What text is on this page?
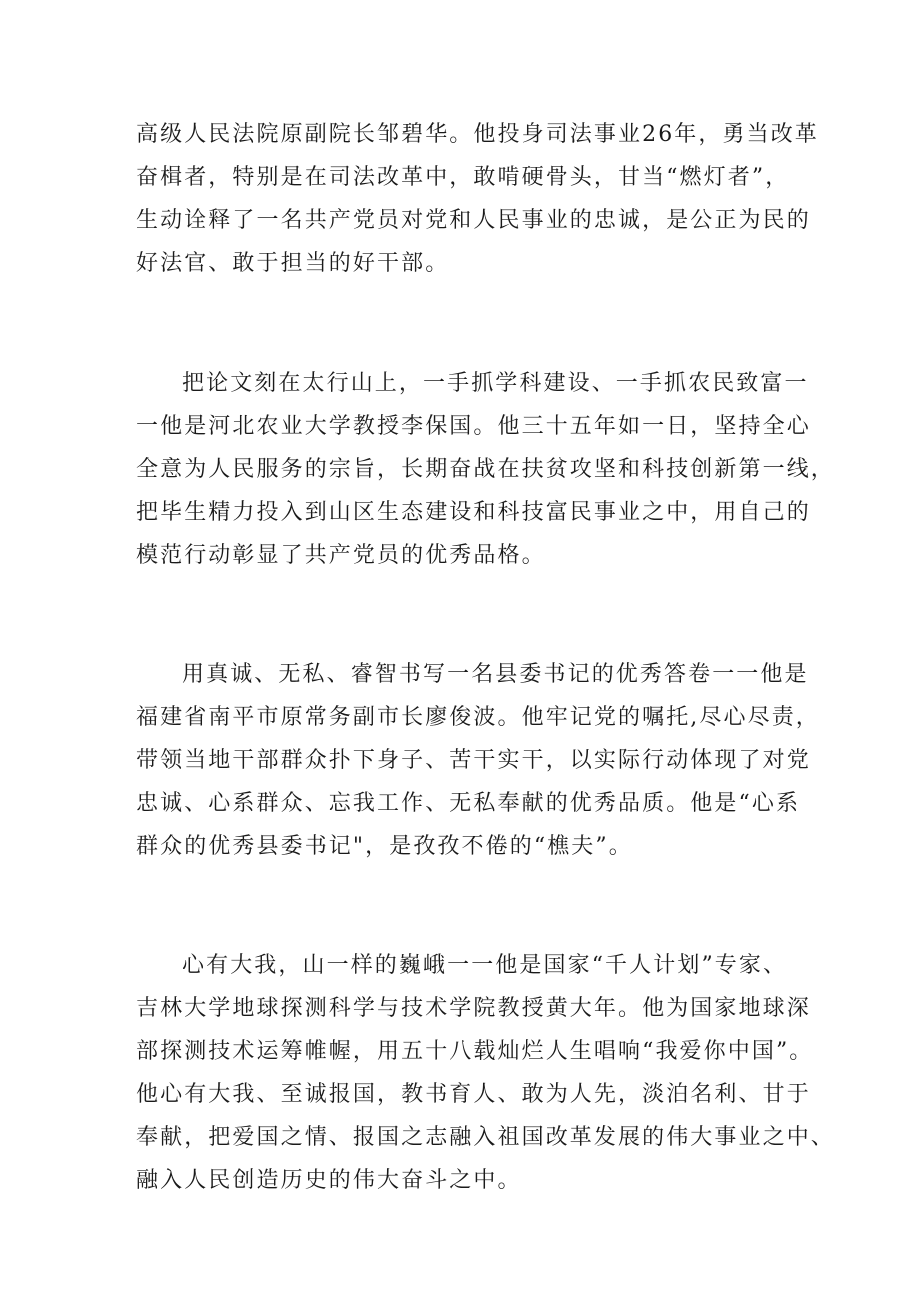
高级人民法院原副院长邹碧华。他投身司法事业26年，勇当改革
奋楫者，特别是在司法改革中，敢啃硬骨头，甘当“燃灯者”，
生动诠释了一名共产党员对党和人民事业的忠诚，是公正为民的
好法官、敢于担当的好干部。
把论文刻在太行山上，一手抓学科建设、一手抓农民致富一
一他是河北农业大学教授李保国。他三十五年如一日，坚持全心
全意为人民服务的宗旨，长期奋战在扶贫攻坚和科技创新第一线，
把毕生精力投入到山区生态建设和科技富民事业之中，用自己的
模范行动彰显了共产党员的优秀品格。
用真诚、无私、睿智书写一名县委书记的优秀答卷一一他是
福建省南平市原常务副市长廖俊波。他牢记党的嘱托,尽心尽责，
带领当地干部群众扑下身子、苦干实干，以实际行动体现了对党
忠诚、心系群众、忘我工作、无私奉献的优秀品质。他是“心系
群众的优秀县委书记"，是孜孜不倦的“樵夫”。
心有大我，山一样的巍峨一一他是国家“千人计划”专家、
吉林大学地球探测科学与技术学院教授黄大年。他为国家地球深
部探测技术运筹帷幄，用五十八载灿烂人生唱响“我爱你中国”。
他心有大我、至诚报国，教书育人、敢为人先，淡泊名利、甘于
奉献，把爱国之情、报国之志融入祖国改革发展的伟大事业之中、
融入人民创造历史的伟大奋斗之中。
